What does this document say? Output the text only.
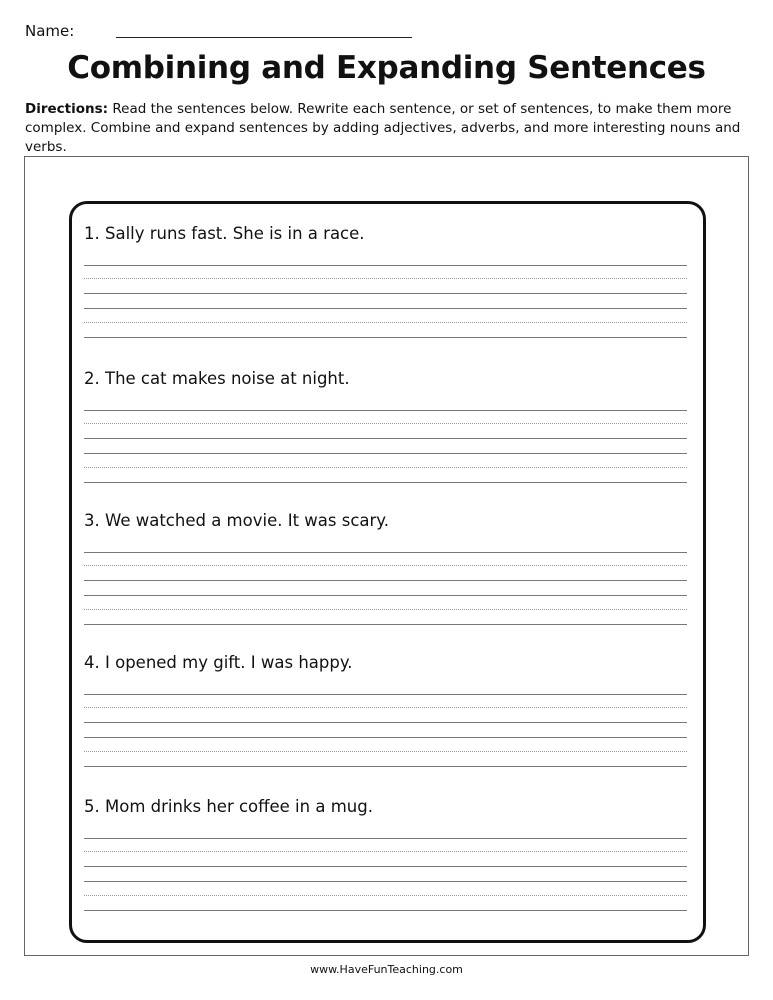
Name:
Combining and Expanding Sentences
Directions: Read the sentences below. Rewrite each sentence, or set of sentences, to make them more complex. Combine and expand sentences by adding adjectives, adverbs, and more interesting nouns and verbs.
1. Sally runs fast. She is in a race.
2. The cat makes noise at night.
3. We watched a movie. It was scary.
4. I opened my gift. I was happy.
5. Mom drinks her coffee in a mug.
www.HaveFunTeaching.com
